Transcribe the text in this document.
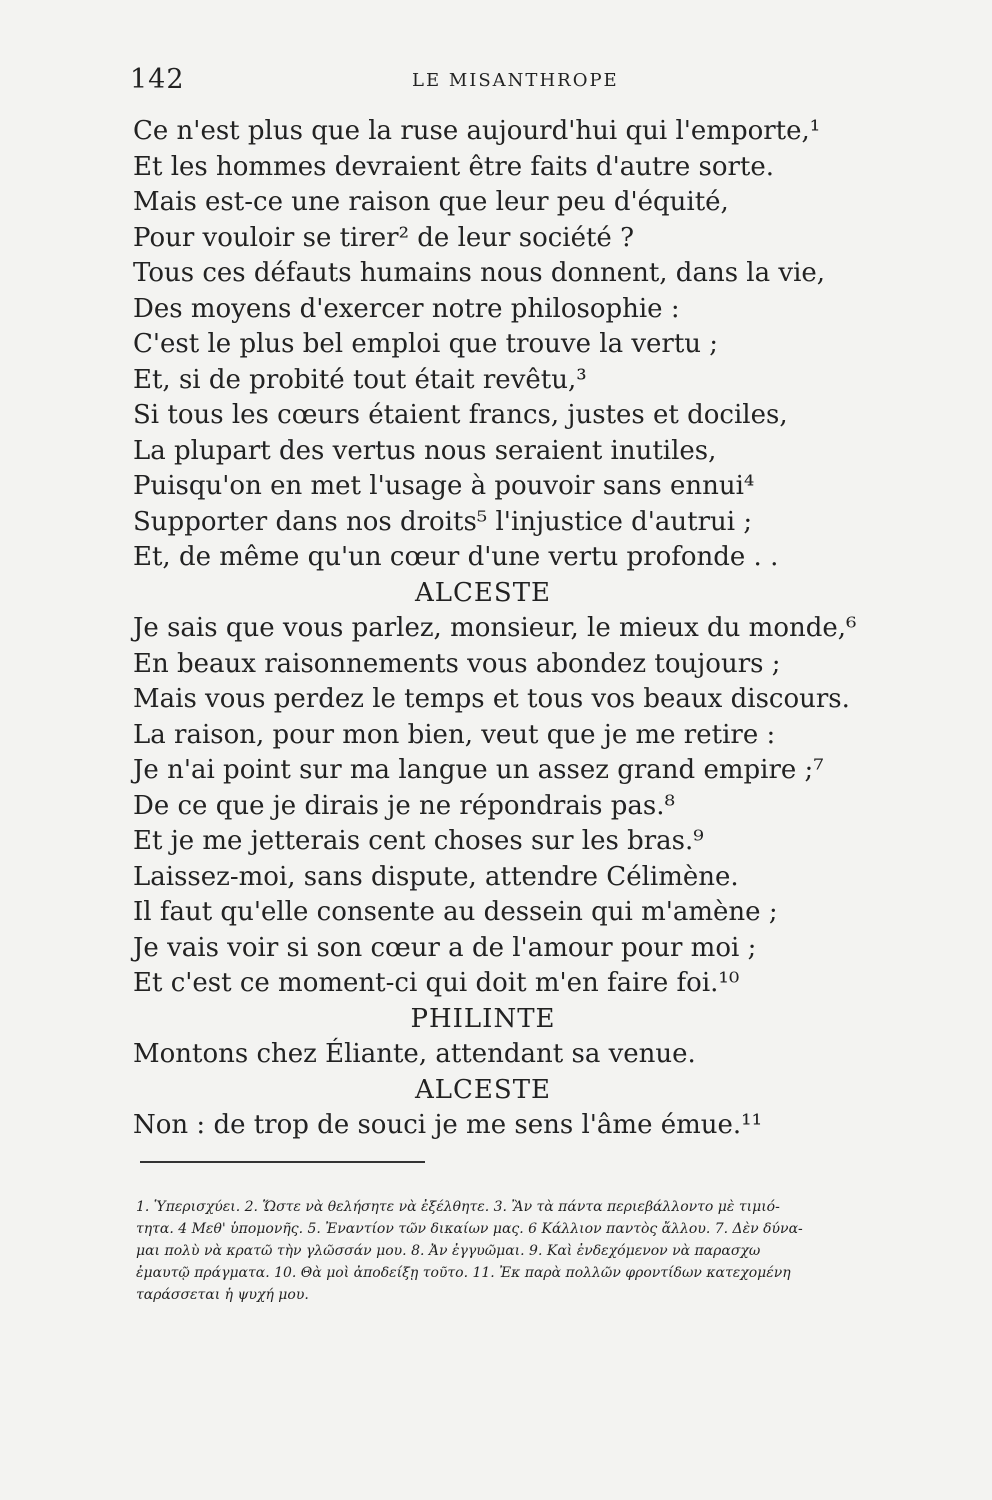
142	LE MISANTHROPE
Ce n'est plus que la ruse aujourd'hui qui l'emporte,¹
Et les hommes devraient être faits d'autre sorte.
Mais est-ce une raison que leur peu d'équité,
Pour vouloir se tirer² de leur société ?
Tous ces défauts humains nous donnent, dans la vie,
Des moyens d'exercer notre philosophie :
C'est le plus bel emploi que trouve la vertu ;
Et, si de probité tout était revêtu,³
Si tous les cœurs étaient francs, justes et dociles,
La plupart des vertus nous seraient inutiles,
Puisqu'on en met l'usage à pouvoir sans ennui⁴
Supporter dans nos droits⁵ l'injustice d'autrui ;
Et, de même qu'un cœur d'une vertu profonde . .
ALCESTE
Je sais que vous parlez, monsieur, le mieux du monde,⁶
En beaux raisonnements vous abondez toujours ;
Mais vous perdez le temps et tous vos beaux discours.
La raison, pour mon bien, veut que je me retire :
Je n'ai point sur ma langue un assez grand empire ;⁷
De ce que je dirais je ne répondrais pas.⁸
Et je me jetterais cent choses sur les bras.⁹
Laissez-moi, sans dispute, attendre Célimène.
Il faut qu'elle consente au dessein qui m'amène ;
Je vais voir si son cœur a de l'amour pour moi ;
Et c'est ce moment-ci qui doit m'en faire foi.¹⁰
PHILINTE
Montons chez Éliante, attendant sa venue.
ALCESTE
Non : de trop de souci je me sens l'âme émue.¹¹
1. Ὑπερισχύει. 2. Ὥστε νὰ θελήσητε νὰ ἐξέλθητε. 3. Ἂν τὰ πάντα περιεβάλλοντο μὲ τιμιό-
τητα. 4 Μεθ' ὑπομονῆς. 5. Ἐναντίον τῶν δικαίων μας. 6 Κάλλιον παντὸς ἄλλου. 7. Δὲν δύνα-
μαι πολὺ νὰ κρατῶ τὴν γλῶσσάν μου. 8. Ἀν ἐγγυῶμαι. 9. Καὶ ἐνδεχόμενον νὰ παρασχω
ἐμαυτῷ πράγματα. 10. Θὰ μοὶ ἀποδείξῃ τοῦτο. 11. Ἐκ παρὰ πολλῶν φροντίδων κατεχομένη
ταράσσεται ἡ ψυχή μου.
